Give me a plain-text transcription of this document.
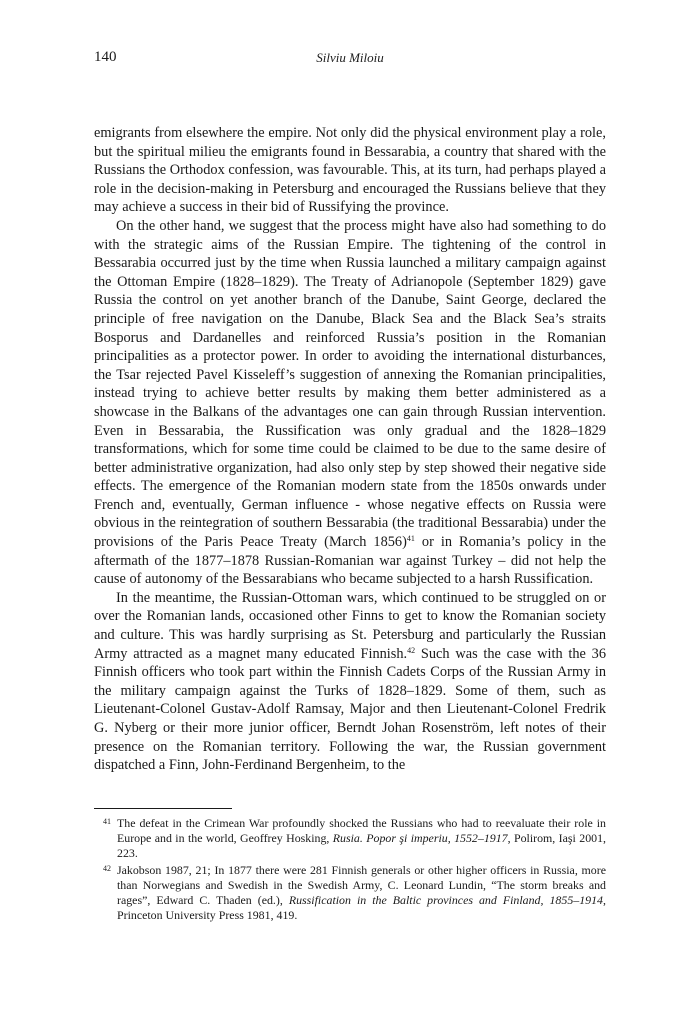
140	Silviu Miloiu

emigrants from elsewhere the empire. Not only did the physical environment play a role, but the spiritual milieu the emigrants found in Bessarabia, a country that shared with the Russians the Orthodox confession, was favourable. This, at its turn, had perhaps played a role in the decision-making in Petersburg and encouraged the Russians believe that they may achieve a success in their bid of Russifying the province.

On the other hand, we suggest that the process might have also had something to do with the strategic aims of the Russian Empire. The tightening of the control in Bessarabia occurred just by the time when Russia launched a military campaign against the Ottoman Empire (1828–1829). The Treaty of Adrianopole (September 1829) gave Russia the control on yet another branch of the Danube, Saint George, declared the principle of free navigation on the Danube, Black Sea and the Black Sea’s straits Bosporus and Dardanelles and reinforced Russia’s position in the Romanian principalities as a protector power. In order to avoiding the international disturbances, the Tsar rejected Pavel Kisseleff’s suggestion of annexing the Romanian principalities, instead trying to achieve better results by making them better administered as a showcase in the Balkans of the advantages one can gain through Russian intervention. Even in Bessarabia, the Russification was only gradual and the 1828–1829 transformations, which for some time could be claimed to be due to the same desire of better administrative organization, had also only step by step showed their negative side effects. The emergence of the Romanian modern state from the 1850s onwards under French and, eventually, German influence - whose negative effects on Russia were obvious in the reintegration of southern Bessarabia (the traditional Bessarabia) under the provisions of the Paris Peace Treaty (March 1856)$^{41}$ or in Romania’s policy in the aftermath of the 1877–1878 Russian-Romanian war against Turkey – did not help the cause of autonomy of the Bessarabians who became subjected to a harsh Russification.

In the meantime, the Russian-Ottoman wars, which continued to be struggled on or over the Romanian lands, occasioned other Finns to get to know the Romanian society and culture. This was hardly surprising as St. Petersburg and particularly the Russian Army attracted as a magnet many educated Finnish.$^{42}$ Such was the case with the 36 Finnish officers who took part within the Finnish Cadets Corps of the Russian Army in the military campaign against the Turks of 1828–1829. Some of them, such as Lieutenant-Colonel Gustav-Adolf Ramsay, Major and then Lieutenant-Colonel Fredrik G. Nyberg or their more junior officer, Berndt Johan Rosenström, left notes of their presence on the Romanian territory. Following the war, the Russian government dispatched a Finn, John-Ferdinand Bergenheim, to the

41 The defeat in the Crimean War profoundly shocked the Russians who had to reevaluate their role in Europe and in the world, Geoffrey Hosking, Rusia. Popor şi imperiu, 1552–1917, Polirom, Iaşi 2001, 223.
42 Jakobson 1987, 21; In 1877 there were 281 Finnish generals or other higher officers in Russia, more than Norwegians and Swedish in the Swedish Army, C. Leonard Lundin, “The storm breaks and rages”, Edward C. Thaden (ed.), Russification in the Baltic provinces and Finland, 1855–1914, Princeton University Press 1981, 419.
